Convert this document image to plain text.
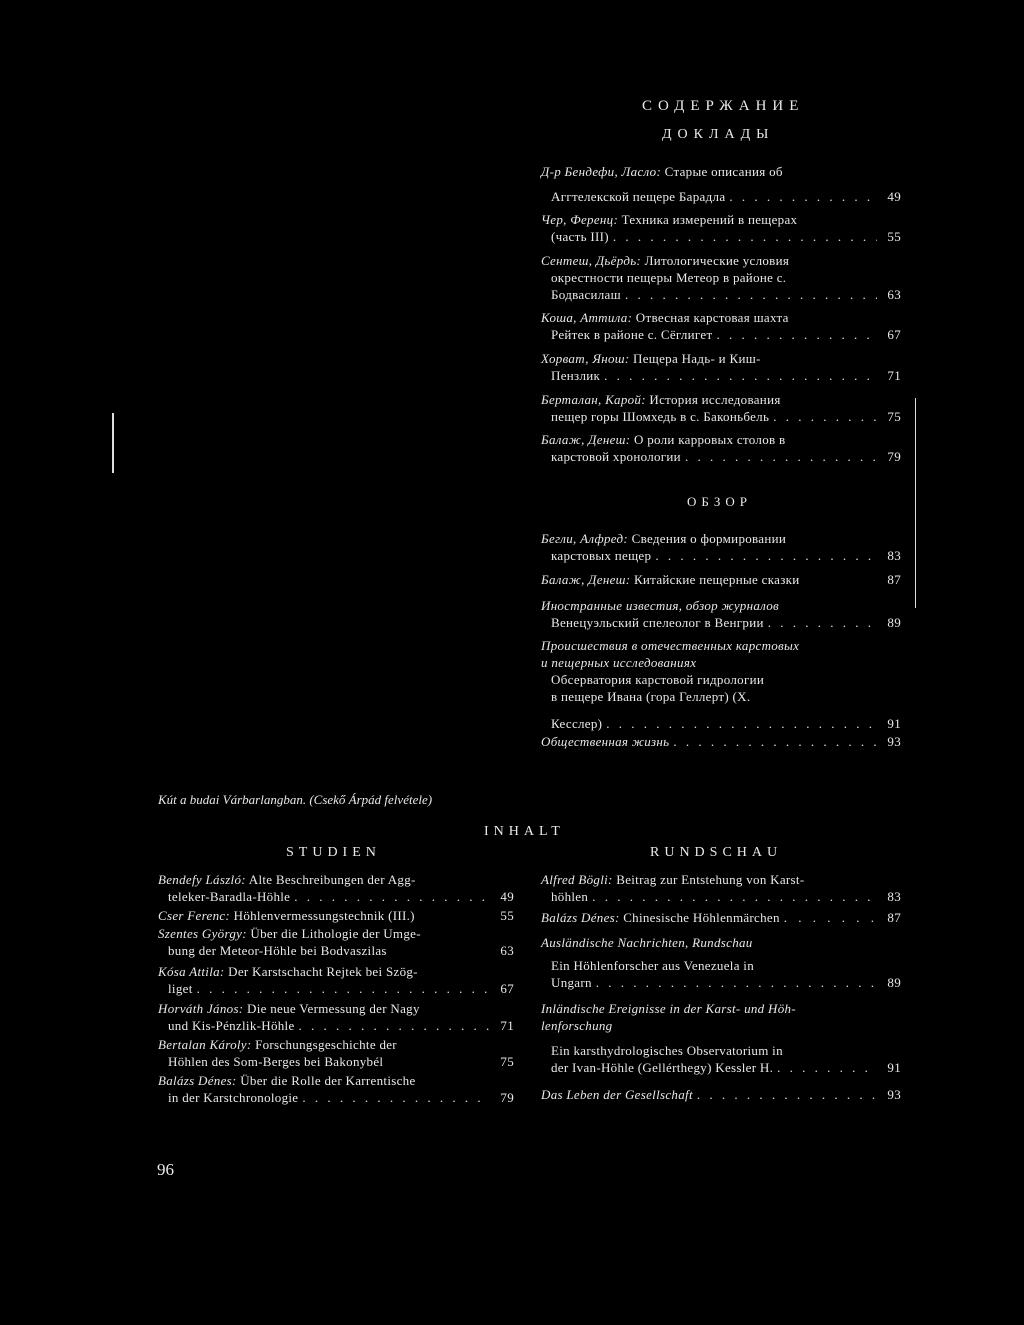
СОДЕРЖАНИЕ
ДОКЛАДЫ
Д-р Бендефи, Ласло: Старые описания об
Аггтелекской пещере Барадла . . .	49
Чер, Ференц: Техника измерений в пещерах
(часть III) . . .	55
Сентеш, Дьёрдь: Литологические условия
окрестности пещеры Метеор в районе с.
Бодвасилаш . . .	63
Коша, Аттила: Отвесная карстовая шахта
Рейтек в районе с. Сёглигет . . .	67
Хорват, Янош: Пещера Надь- и Киш-
Пензлик . . .	71
Берталан, Карой: История исследования
пещер горы Шомхедь в с. Баконьбель . . .	75
Балаж, Денеш: О роли карровых столов в
карстовой хронологии . . .	79
ОБЗОР
Бегли, Алфред: Сведения о формировании
карстовых пещер . . .	83
Балаж, Денеш: Китайские пещерные сказки	87
Иностранные известия, обзор журналов
Венецуэльский спелеолог в Венгрии . . .	89
Происшествия в отечественных карстовых
и пещерных исследованиях
Обсерватория карстовой гидрологии
в пещере Ивана (гора Геллерт) (Х.
Кесслер) . . .	91
Общественная жизнь . . .	93
Kút a budai Várbarlangban. (Csekő Árpád felvétele)
INHALT
STUDIEN	RUNDSCHAU
Bendefy László: Alte Beschreibungen der Agg-
teleker-Baradla-Höhle . . .	49
Cser Ferenc: Höhlenvermessungstechnik (III.)	55
Szentes György: Über die Lithologie der Umge-
bung der Meteor-Höhle bei Bodvaszilas	63
Kósa Attila: Der Karstschacht Rejtek bei Szög-
liget . . .	67
Horváth János: Die neue Vermessung der Nagy
und Kis-Pénzlik-Höhle . . .	71
Bertalan Károly: Forschungsgeschichte der
Höhlen des Som-Berges bei Bakonybél	75
Balázs Dénes: Über die Rolle der Karrentische
in der Karstchronologie . . .	79
Alfred Bögli: Beitrag zur Entstehung von Karst-
höhlen . . .	83
Balázs Dénes: Chinesische Höhlenmärchen . . .	87
Ausländische Nachrichten, Rundschau
Ein Höhlenforscher aus Venezuela in
Ungarn . . .	89
Inländische Ereignisse in der Karst- und Höh-
lenforschung
Ein karsthydrologisches Observatorium in
der Ivan-Höhle (Gellérthegy) Kessler H. . . .	91
Das Leben der Gesellschaft . . .	93
96
